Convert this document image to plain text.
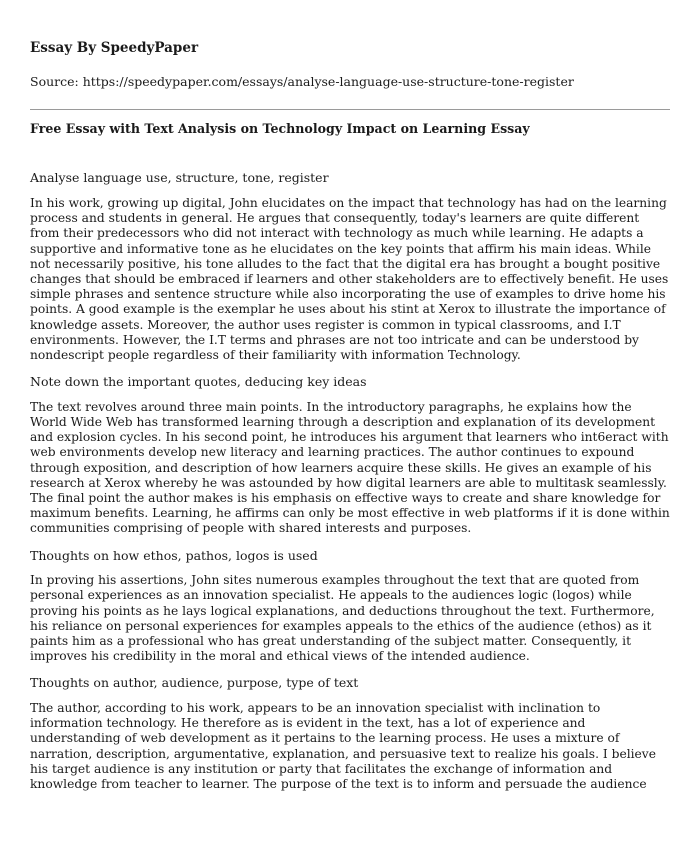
Essay By SpeedyPaper
Source: https://speedypaper.com/essays/analyse-language-use-structure-tone-register
Free Essay with Text Analysis on Technology Impact on Learning Essay
Analyse language use, structure, tone, register
In his work, growing up digital, John elucidates on the impact that technology has had on the learning process and students in general. He argues that consequently, today's learners are quite different from their predecessors who did not interact with technology as much while learning. He adapts a supportive and informative tone as he elucidates on the key points that affirm his main ideas. While not necessarily positive, his tone alludes to the fact that the digital era has brought a bought positive changes that should be embraced if learners and other stakeholders are to effectively benefit. He uses simple phrases and sentence structure while also incorporating the use of examples to drive home his points. A good example is the exemplar he uses about his stint at Xerox to illustrate the importance of knowledge assets. Moreover, the author uses register is common in typical classrooms, and I.T environments. However, the I.T terms and phrases are not too intricate and can be understood by nondescript people regardless of their familiarity with information Technology.
Note down the important quotes, deducing key ideas
The text revolves around three main points. In the introductory paragraphs, he explains how the World Wide Web has transformed learning through a description and explanation of its development and explosion cycles. In his second point, he introduces his argument that learners who int6eract with web environments develop new literacy and learning practices. The author continues to expound through exposition, and description of how learners acquire these skills. He gives an example of his research at Xerox whereby he was astounded by how digital learners are able to multitask seamlessly. The final point the author makes is his emphasis on effective ways to create and share knowledge for maximum benefits. Learning, he affirms can only be most effective in web platforms if it is done within communities comprising of people with shared interests and purposes.
Thoughts on how ethos, pathos, logos is used
In proving his assertions, John sites numerous examples throughout the text that are quoted from personal experiences as an innovation specialist. He appeals to the audiences logic (logos) while proving his points as he lays logical explanations, and deductions throughout the text. Furthermore, his reliance on personal experiences for examples appeals to the ethics of the audience (ethos) as it paints him as a professional who has great understanding of the subject matter. Consequently, it improves his credibility in the moral and ethical views of the intended audience.
Thoughts on author, audience, purpose, type of text
The author, according to his work, appears to be an innovation specialist with inclination to information technology. He therefore as is evident in the text, has a lot of experience and understanding of web development as it pertains to the learning process. He uses a mixture of narration, description, argumentative, explanation, and persuasive text to realize his goals. I believe his target audience is any institution or party that facilitates the exchange of information and knowledge from teacher to learner. The purpose of the text is to inform and persuade the audience
